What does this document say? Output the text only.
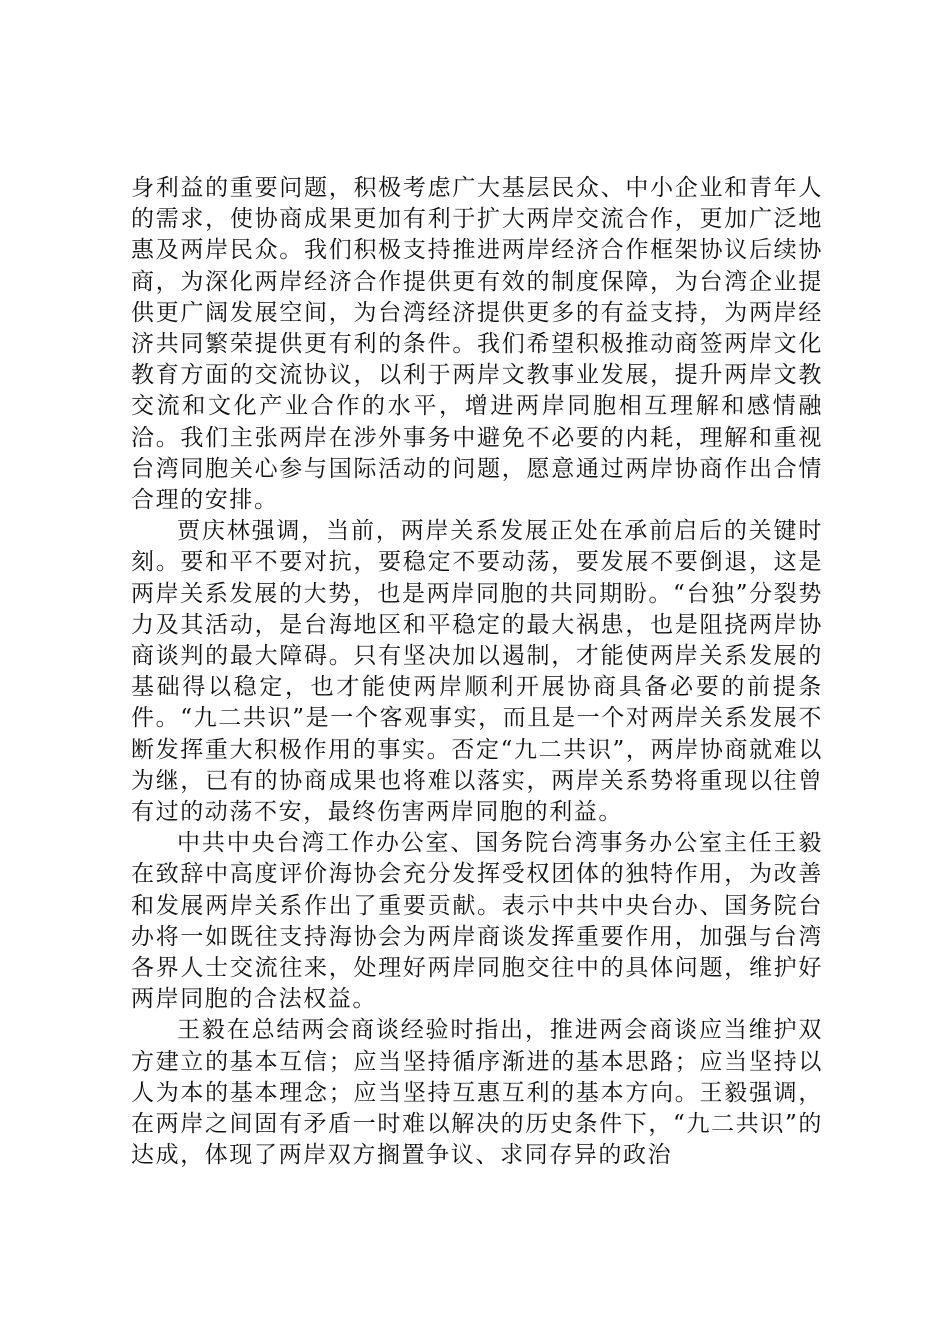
身利益的重要问题，积极考虑广大基层民众、中小企业和青年人的需求，使协商成果更加有利于扩大两岸交流合作，更加广泛地惠及两岸民众。我们积极支持推进两岸经济合作框架协议后续协商，为深化两岸经济合作提供更有效的制度保障，为台湾企业提供更广阔发展空间，为台湾经济提供更多的有益支持，为两岸经济共同繁荣提供更有利的条件。我们希望积极推动商签两岸文化教育方面的交流协议，以利于两岸文教事业发展，提升两岸文教交流和文化产业合作的水平，增进两岸同胞相互理解和感情融洽。我们主张两岸在涉外事务中避免不必要的内耗，理解和重视台湾同胞关心参与国际活动的问题，愿意通过两岸协商作出合情合理的安排。

贾庆林强调，当前，两岸关系发展正处在承前启后的关键时刻。要和平不要对抗，要稳定不要动荡，要发展不要倒退，这是两岸关系发展的大势，也是两岸同胞的共同期盼。“台独”分裂势力及其活动，是台海地区和平稳定的最大祸患，也是阻挠两岸协商谈判的最大障碍。只有坚决加以遏制，才能使两岸关系发展的基础得以稳定，也才能使两岸顺利开展协商具备必要的前提条件。“九二共识”是一个客观事实，而且是一个对两岸关系发展不断发挥重大积极作用的事实。否定“九二共识”，两岸协商就难以为继，已有的协商成果也将难以落实，两岸关系势将重现以往曾有过的动荡不安，最终伤害两岸同胞的利益。

中共中央台湾工作办公室、国务院台湾事务办公室主任王毅在致辞中高度评价海协会充分发挥受权团体的独特作用，为改善和发展两岸关系作出了重要贡献。表示中共中央台办、国务院台办将一如既往支持海协会为两岸商谈发挥重要作用，加强与台湾各界人士交流往来，处理好两岸同胞交往中的具体问题，维护好两岸同胞的合法权益。

王毅在总结两会商谈经验时指出，推进两会商谈应当维护双方建立的基本互信；应当坚持循序渐进的基本思路；应当坚持以人为本的基本理念；应当坚持互惠互利的基本方向。王毅强调，在两岸之间固有矛盾一时难以解决的历史条件下，“九二共识”的达成，体现了两岸双方搁置争议、求同存异的政治
